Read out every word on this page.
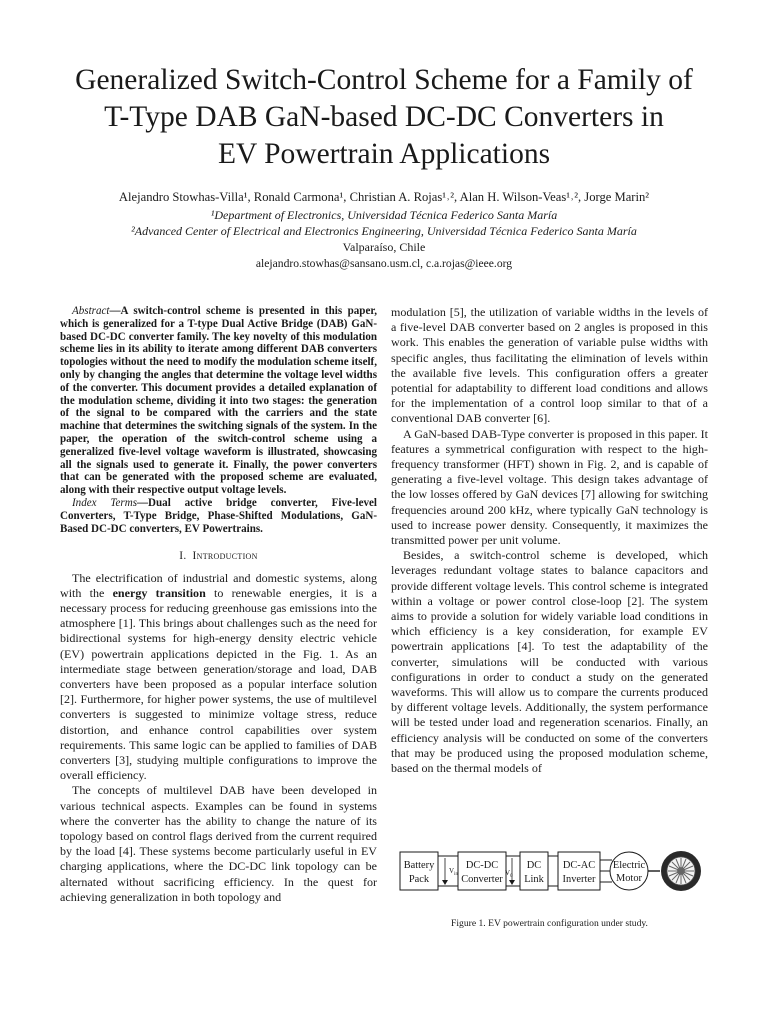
Generalized Switch-Control Scheme for a Family of
T-Type DAB GaN-based DC-DC Converters in
EV Powertrain Applications
Alejandro Stowhas-Villa¹, Ronald Carmona¹, Christian A. Rojas¹˒², Alan H. Wilson-Veas¹˒², Jorge Marin²
¹Department of Electronics, Universidad Técnica Federico Santa María
²Advanced Center of Electrical and Electronics Engineering, Universidad Técnica Federico Santa María
Valparaíso, Chile
alejandro.stowhas@sansano.usm.cl, c.a.rojas@ieee.org

Abstract—A switch-control scheme is presented in this paper, which is generalized for a T-type Dual Active Bridge (DAB) GaN-based DC-DC converter family. The key novelty of this modulation scheme lies in its ability to iterate among different DAB converters topologies without the need to modify the modulation scheme itself, only by changing the angles that determine the voltage level widths of the converter. This document provides a detailed explanation of the modulation scheme, dividing it into two stages: the generation of the signal to be compared with the carriers and the state machine that determines the switching signals of the system. In the paper, the operation of the switch-control scheme using a generalized five-level voltage waveform is illustrated, showcasing all the signals used to generate it. Finally, the power converters that can be generated with the proposed scheme are evaluated, along with their respective output voltage levels.

Index Terms—Dual active bridge converter, Five-level Converters, T-Type Bridge, Phase-Shifted Modulations, GaN-Based DC-DC converters, EV Powertrains.

I. Introduction

The electrification of industrial and domestic systems, along with the energy transition to renewable energies, it is a necessary process for reducing greenhouse gas emissions into the atmosphere [1]. This brings about challenges such as the need for bidirectional systems for high-energy density electric vehicle (EV) powertrain applications depicted in the Fig. 1. As an intermediate stage between generation/storage and load, DAB converters have been proposed as a popular interface solution [2]. Furthermore, for higher power systems, the use of multilevel converters is suggested to minimize voltage stress, reduce distortion, and enhance control capabilities over system requirements. This same logic can be applied to families of DAB converters [3], studying multiple configurations to improve the overall efficiency.

The concepts of multilevel DAB have been developed in various technical aspects. Examples can be found in systems where the converter has the ability to change the nature of its topology based on control flags derived from the current required by the load [4]. These systems become particularly useful in EV charging applications, where the DC-DC link topology can be alternated without sacrificing efficiency. In the quest for achieving generalization in both topology and

modulation [5], the utilization of variable widths in the levels of a five-level DAB converter based on 2 angles is proposed in this work. This enables the generation of variable pulse widths with specific angles, thus facilitating the elimination of levels within the available five levels. This configuration offers a greater potential for adaptability to different load conditions and allows for the implementation of a control loop similar to that of a conventional DAB converter [6].

A GaN-based DAB-Type converter is proposed in this paper. It features a symmetrical configuration with respect to the high-frequency transformer (HFT) shown in Fig. 2, and is capable of generating a five-level voltage. This design takes advantage of the low losses offered by GaN devices [7] allowing for switching frequencies around 200 kHz, where typically GaN technology is used to increase power density. Consequently, it maximizes the transmitted power per unit volume.

Besides, a switch-control scheme is developed, which leverages redundant voltage states to balance capacitors and provide different voltage levels. This control scheme is integrated within a voltage or power control close-loop [2]. The system aims to provide a solution for widely variable load conditions in which efficiency is a key consideration, for example EV powertrain applications [4]. To test the adaptability of the converter, simulations will be conducted with various configurations in order to conduct a study on the generated waveforms. This will allow us to compare the currents produced by different voltage levels. Additionally, the system performance will be tested under load and regeneration scenarios. Finally, an efficiency analysis will be conducted on some of the converters that may be produced using the proposed modulation scheme, based on the thermal models of

Battery
Pack
$V_{in}$
DC-DC
Converter
$V_0$
DC
Link
DC-AC
Inverter
Electric
Motor
Figure 1. EV powertrain configuration under study.
